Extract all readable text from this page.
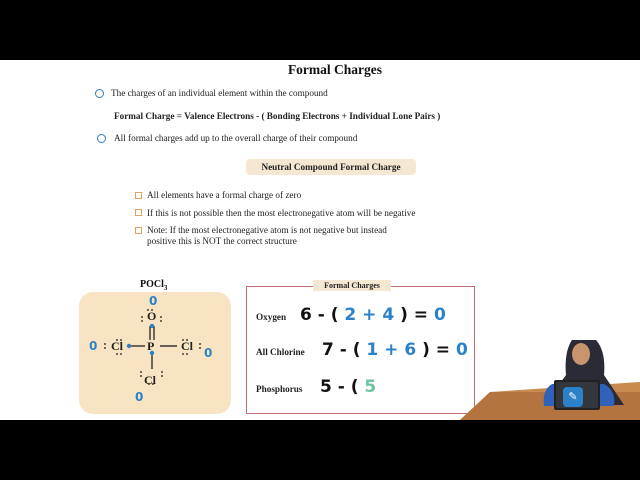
Formal Charges
The charges of an individual element within the compound
Formal Charge = Valence Electrons - ( Bonding Electrons + Individual Lone Pairs )
All formal charges add up to the overall charge of their compound
Neutral Compound Formal Charge
All elements have a formal charge of zero
If this is not possible then the most electronegative atom will be negative
Note: If the most electronegative atom is not negative but instead
positive this is NOT the correct structure
POCl$_3$
O
Cl P Cl
Cl
0
0	0
0
Formal Charges
Oxygen 6 - ( 2 + 4 ) = 0
All Chlorine 7 - ( 1 + 6 ) = 0
Phosphorus 5 - ( 5	✎
